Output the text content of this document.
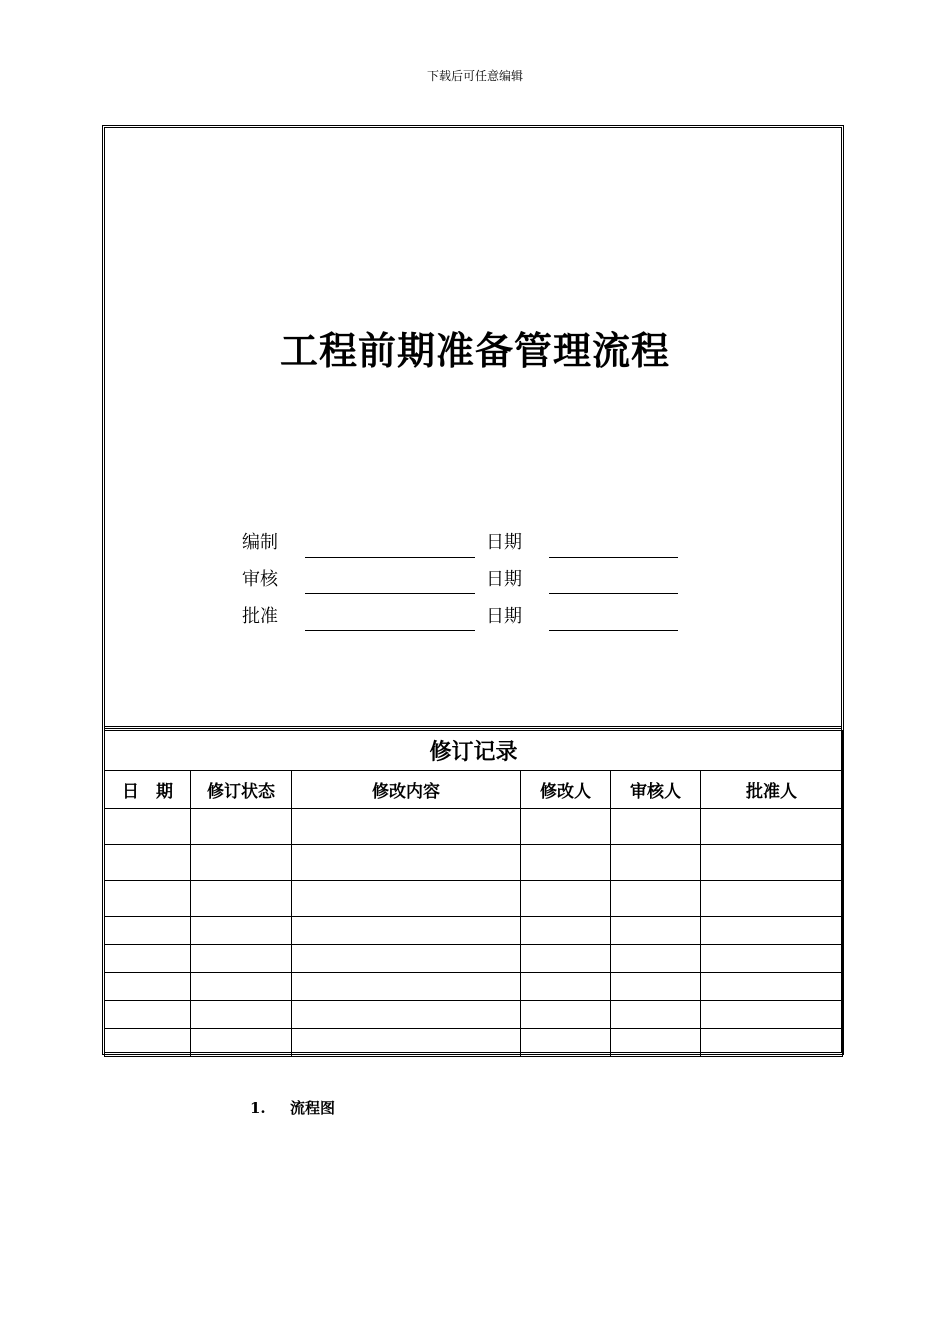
下载后可任意编辑
工程前期准备管理流程
编制	日期
审核	日期
批准	日期
修订记录					
日　期	修订状态	修改内容	修改人	审核人	批准人

1. 流程图
